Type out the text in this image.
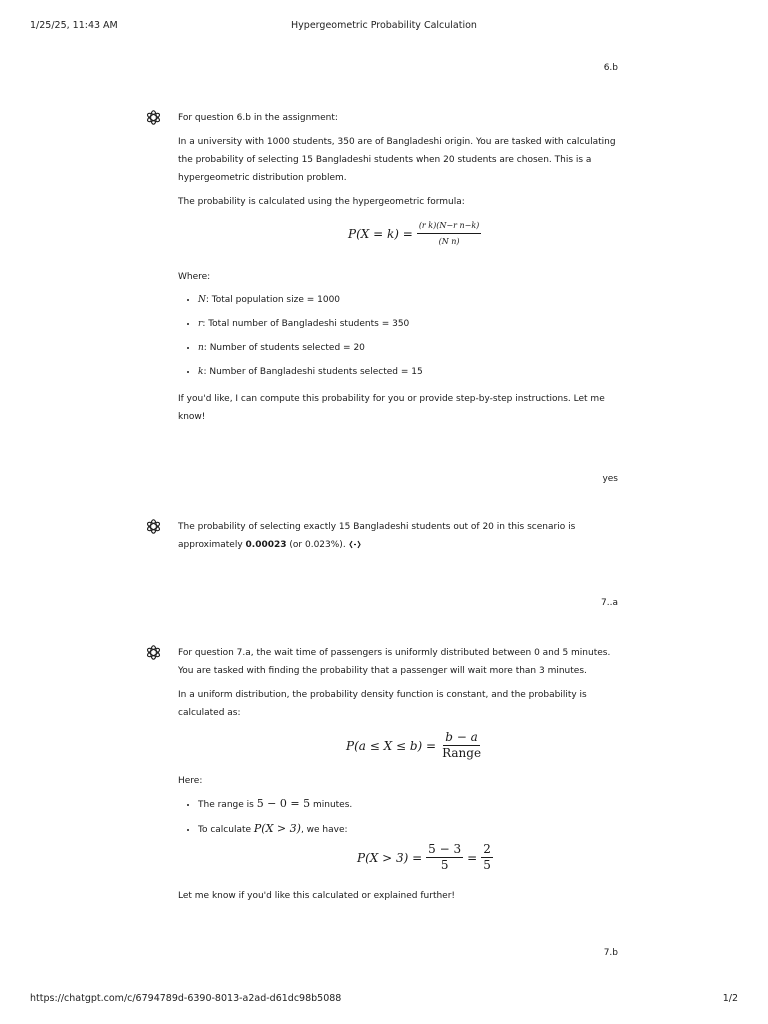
1/25/25, 11:43 AM	Hypergeometric Probability Calculation
6.b

For question 6.b in the assignment:

In a university with 1000 students, 350 are of Bangladeshi origin. You are tasked with calculating the probability of selecting 15 Bangladeshi students when 20 students are chosen. This is a hypergeometric distribution problem.

The probability is calculated using the hypergeometric formula:

$P(X = k) = \frac{\text{(r k)(N−r n−k)}}{\text{(N n)}}$

Where:

• N: Total population size = 1000
• r: Total number of Bangladeshi students = 350
• n: Number of students selected = 20
• k: Number of Bangladeshi students selected = 15

If you'd like, I can compute this probability for you or provide step-by-step instructions. Let me know!

yes

The probability of selecting exactly 15 Bangladeshi students out of 20 in this scenario is approximately 0.00023 (or 0.023%).

7..a

For question 7.a, the wait time of passengers is uniformly distributed between 0 and 5 minutes. You are tasked with finding the probability that a passenger will wait more than 3 minutes.

In a uniform distribution, the probability density function is constant, and the probability is calculated as:

$P(a \le X \le b) = \frac{b - a}{\text{Range}}$

Here:

• The range is 5 − 0 = 5 minutes.
• To calculate P(X > 3), we have:
$P(X > 3) = \frac{5 - 3}{5} = \frac{2}{5}$

Let me know if you'd like this calculated or explained further!

7.b
https://chatgpt.com/c/6794789d-6390-8013-a2ad-d61dc98b5088	1/2
